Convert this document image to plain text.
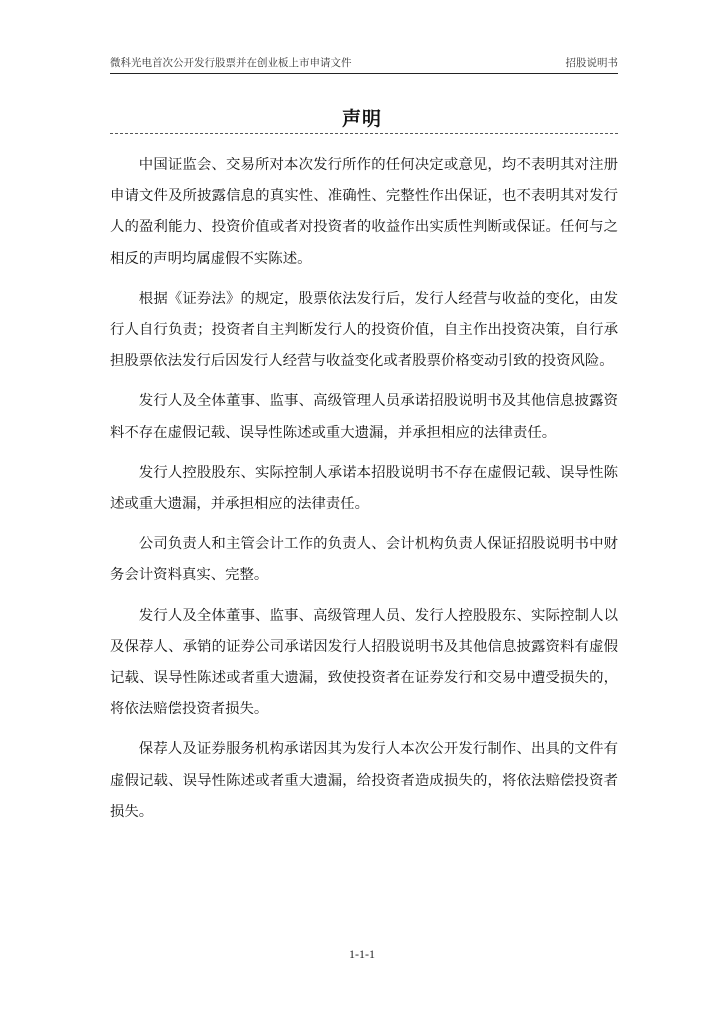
微科光电首次公开发行股票并在创业板上市申请文件	招股说明书
声明

中国证监会、交易所对本次发行所作的任何决定或意见，均不表明其对注册申请文件及所披露信息的真实性、准确性、完整性作出保证，也不表明其对发行人的盈利能力、投资价值或者对投资者的收益作出实质性判断或保证。任何与之相反的声明均属虚假不实陈述。

根据《证券法》的规定，股票依法发行后，发行人经营与收益的变化，由发行人自行负责；投资者自主判断发行人的投资价值，自主作出投资决策，自行承担股票依法发行后因发行人经营与收益变化或者股票价格变动引致的投资风险。

发行人及全体董事、监事、高级管理人员承诺招股说明书及其他信息披露资料不存在虚假记载、误导性陈述或重大遗漏，并承担相应的法律责任。

发行人控股股东、实际控制人承诺本招股说明书不存在虚假记载、误导性陈述或重大遗漏，并承担相应的法律责任。

公司负责人和主管会计工作的负责人、会计机构负责人保证招股说明书中财务会计资料真实、完整。

发行人及全体董事、监事、高级管理人员、发行人控股股东、实际控制人以及保荐人、承销的证券公司承诺因发行人招股说明书及其他信息披露资料有虚假记载、误导性陈述或者重大遗漏，致使投资者在证券发行和交易中遭受损失的，将依法赔偿投资者损失。

保荐人及证券服务机构承诺因其为发行人本次公开发行制作、出具的文件有虚假记载、误导性陈述或者重大遗漏，给投资者造成损失的，将依法赔偿投资者损失。

1-1-1
